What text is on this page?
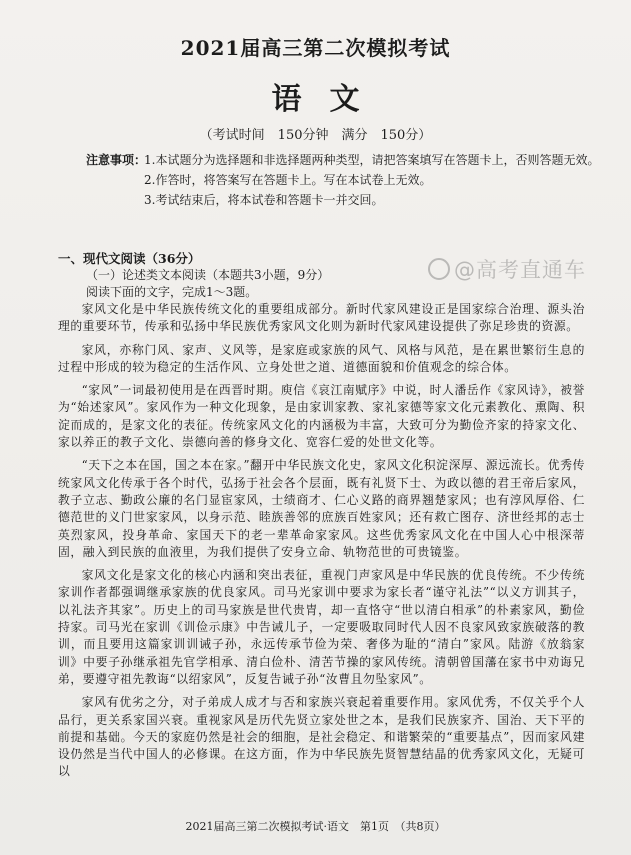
2021届高三第二次模拟考试
语文
（考试时间　150分钟　满分　150分）
注意事项：
1.本试题分为选择题和非选择题两种类型，请把答案填写在答题卡上，否则答题无效。
2.作答时，将答案写在答题卡上。写在本试卷上无效。
3.考试结束后，将本试卷和答题卡一并交回。
一、现代文阅读（36分）
（一）论述类文本阅读（本题共3小题，9分）
阅读下面的文字，完成1～3题。

家风文化是中华民族传统文化的重要组成部分。新时代家风建设正是国家综合治理、源头治理的重要环节，传承和弘扬中华民族优秀家风文化则为新时代家风建设提供了弥足珍贵的资源。

家风，亦称门风、家声、义风等，是家庭或家族的风气、风格与风范，是在累世繁衍生息的过程中形成的较为稳定的生活作风、立身处世之道、道德面貌和价值观念的综合体。

“家风”一词最初使用是在西晋时期。庾信《哀江南赋序》中说，时人潘岳作《家风诗》，被誉为“始述家风”。家风作为一种文化现象，是由家训家教、家礼家德等家文化元素教化、熏陶、积淀而成的，是家文化的表征。传统家风文化的内涵极为丰富，大致可分为勤俭齐家的持家文化、家以养正的教子文化、崇德向善的修身文化、宽容仁爱的处世文化等。

“天下之本在国，国之本在家。”翻开中华民族文化史，家风文化积淀深厚、源远流长。优秀传统家风文化传承于各个时代，弘扬于社会各个层面，既有礼贤下士、为政以德的君王帝后家风，教子立志、勤政公廉的名门显宦家风，士绩商才、仁心义路的商界翘楚家风；也有淳风厚俗、仁德范世的义门世家家风，以身示范、睦族善邻的庶族百姓家风；还有救亡图存、济世经邦的志士英烈家风，投身革命、家国天下的老一辈革命家家风。这些优秀家风文化在中国人心中根深蒂固，融入到民族的血液里，为我们提供了安身立命、轨物范世的可贵镜鉴。

家风文化是家文化的核心内涵和突出表征，重视门声家风是中华民族的优良传统。不少传统家训作者都强调继承家族的优良家风。司马光家训中要求为家长者“谨守礼法”“以义方训其子，以礼法齐其家”。历史上的司马家族是世代贵胄，却一直恪守“世以清白相承”的朴素家风，勤俭持家。司马光在家训《训俭示康》中告诫儿子，一定要吸取同时代人因不良家风致家族破落的教训，而且要用这篇家训训诫子孙，永远传承节俭为荣、奢侈为耻的“清白”家风。陆游《放翁家训》中要子孙继承祖先官学相承、清白俭朴、清苦节操的家风传统。清朝曾国藩在家书中劝诲兄弟，要遵守祖先教诲“以绍家风”，反复告诫子孙“汝曹且勿坠家风”。

家风有优劣之分，对子弟成人成才与否和家族兴衰起着重要作用。家风优秀，不仅关乎个人品行，更关系家国兴衰。重视家风是历代先贤立家处世之本，是我们民族家齐、国治、天下平的前提和基础。今天的家庭仍然是社会的细胞，是社会稳定、和谐繁荣的“重要基点”，因而家风建设仍然是当代中国人的必修课。在这方面，作为中华民族先贤智慧结晶的优秀家风文化，无疑可以

@高考直通车
2021届高三第二次模拟考试·语文　第1页　（共8页）
